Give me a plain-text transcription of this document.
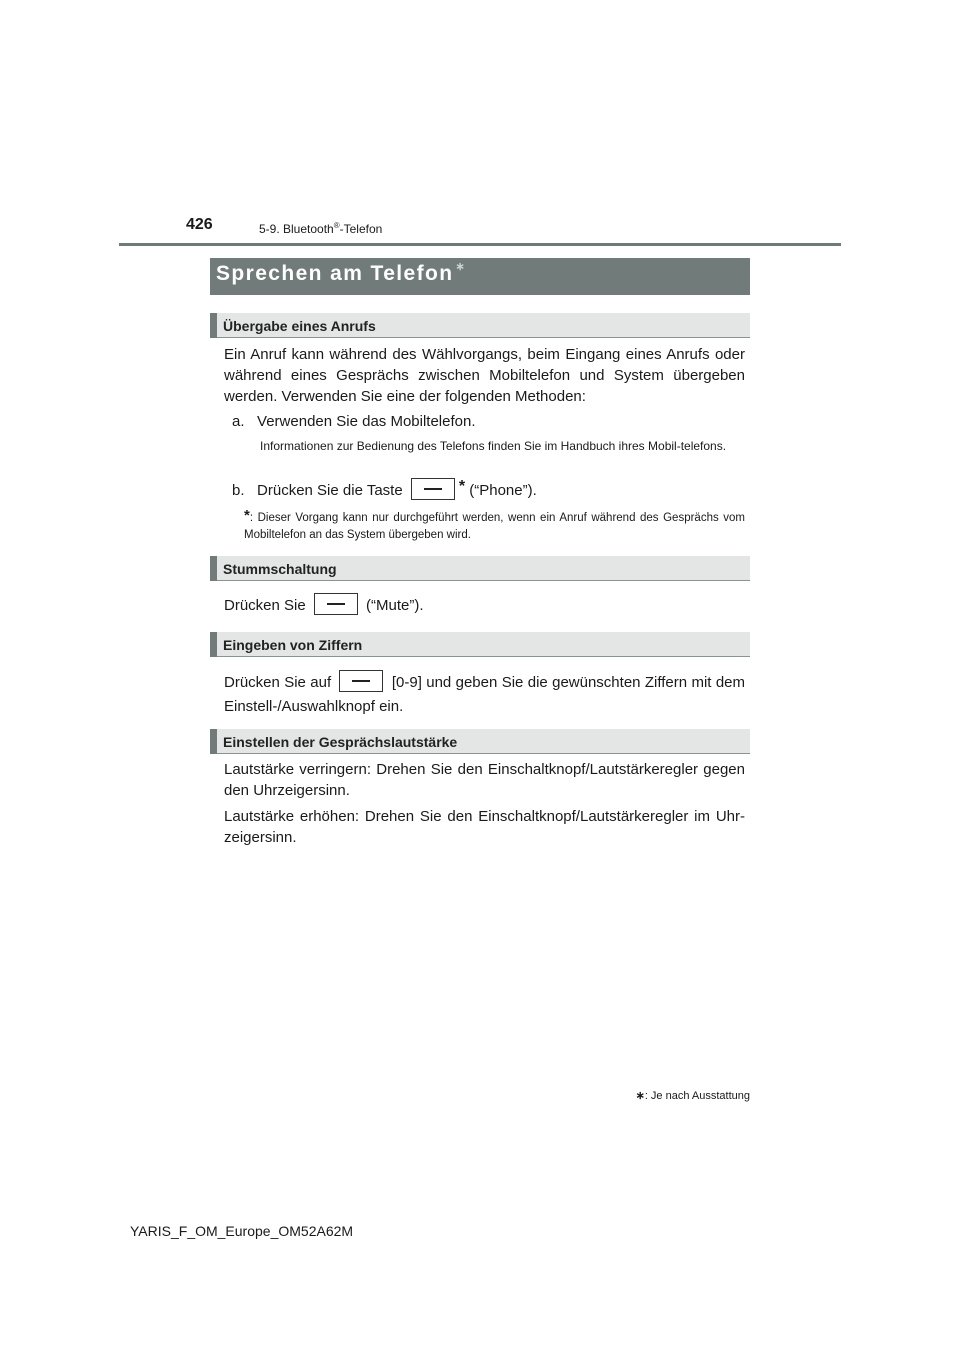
426	5-9. Bluetooth®-Telefon
Sprechen am Telefon ∗
Übergabe eines Anrufs
Ein Anruf kann während des Wählvorgangs, beim Eingang eines Anrufs oder während eines Gesprächs zwischen Mobiltelefon und System übergeben werden. Verwenden Sie eine der folgenden Methoden:
a. Verwenden Sie das Mobiltelefon.
Informationen zur Bedienung des Telefons finden Sie im Handbuch ihres Mobil-telefons.
b. Drücken Sie die Taste	* (“Phone”).
*: Dieser Vorgang kann nur durchgeführt werden, wenn ein Anruf während des Gesprächs vom Mobiltelefon an das System übergeben wird.
Stummschaltung
Drücken Sie	(“Mute”).
Eingeben von Ziffern
Drücken Sie auf	[0-9] und geben Sie die gewünschten Ziffern mit dem Einstell-/Auswahlknopf ein.
Einstellen der Gesprächslautstärke
Lautstärke verringern: Drehen Sie den Einschaltknopf/Lautstärkeregler gegen den Uhrzeigersinn.
Lautstärke erhöhen: Drehen Sie den Einschaltknopf/Lautstärkeregler im Uhr-zeigersinn.
∗: Je nach Ausstattung
YARIS_F_OM_Europe_OM52A62M
